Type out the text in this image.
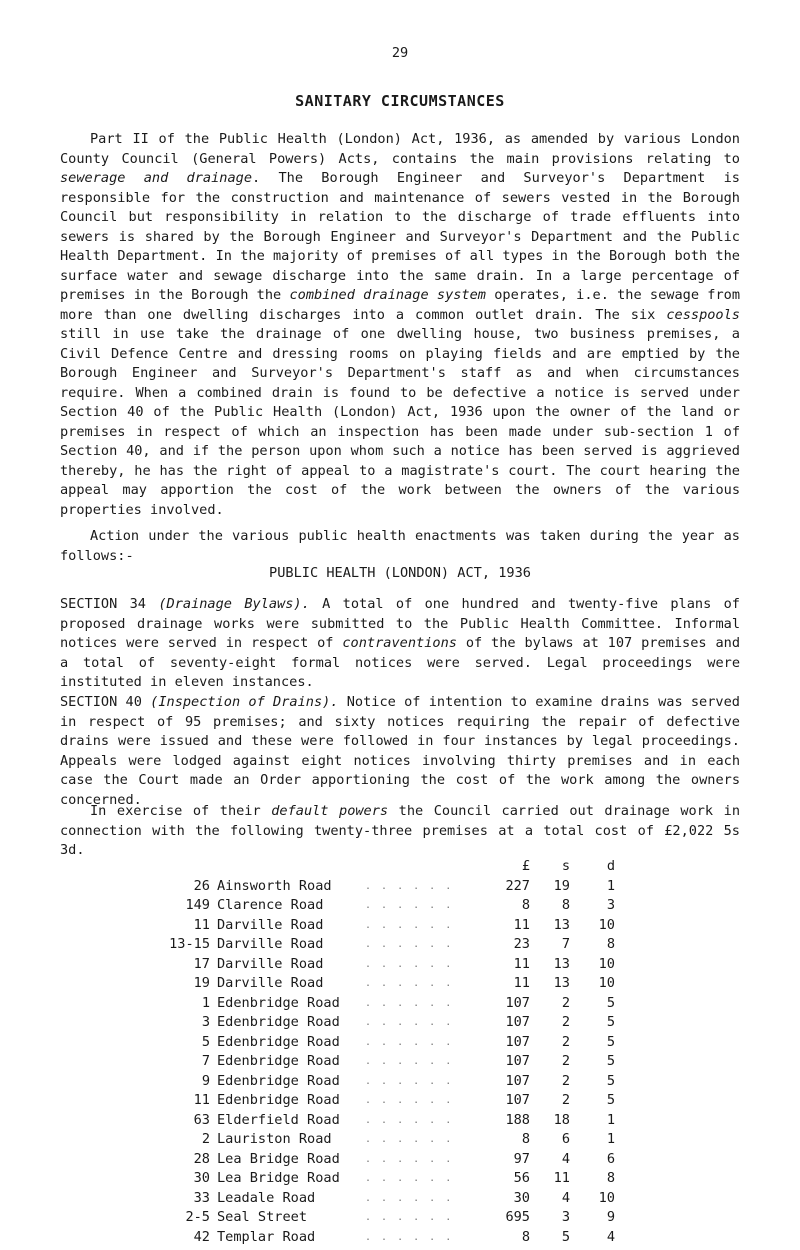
29
SANITARY CIRCUMSTANCES

Part II of the Public Health (London) Act, 1936, as amended by various London County Council (General Powers) Acts, contains the main provisions relating to sewerage and drainage. The Borough Engineer and Surveyor's Department is responsible for the construction and maintenance of sewers vested in the Borough Council but responsibility in relation to the discharge of trade effluents into sewers is shared by the Borough Engineer and Surveyor's Department and the Public Health Department. In the majority of premises of all types in the Borough both the surface water and sewage discharge into the same drain. In a large percentage of premises in the Borough the combined drainage system operates, i.e. the sewage from more than one dwelling discharges into a common outlet drain. The six cesspools still in use take the drainage of one dwelling house, two business premises, a Civil Defence Centre and dressing rooms on playing fields and are emptied by the Borough Engineer and Surveyor's Department's staff as and when circumstances require. When a combined drain is found to be defective a notice is served under Section 40 of the Public Health (London) Act, 1936 upon the owner of the land or premises in respect of which an inspection has been made under sub-section 1 of Section 40, and if the person upon whom such a notice has been served is aggrieved thereby, he has the right of appeal to a magistrate's court. The court hearing the appeal may apportion the cost of the work between the owners of the various properties involved.

Action under the various public health enactments was taken during the year as follows:-

PUBLIC HEALTH (LONDON) ACT, 1936

SECTION 34 (Drainage Bylaws). A total of one hundred and twenty-five plans of proposed drainage works were submitted to the Public Health Committee. Informal notices were served in respect of contraventions of the bylaws at 107 premises and a total of seventy-eight formal notices were served. Legal proceedings were instituted in eleven instances.

SECTION 40 (Inspection of Drains). Notice of intention to examine drains was served in respect of 95 premises; and sixty notices requiring the repair of defective drains were issued and these were followed in four instances by legal proceedings. Appeals were lodged against eight notices involving thirty premises and in each case the Court made an Order apportioning the cost of the work among the owners concerned.

In exercise of their default powers the Council carried out drainage work in connection with the following twenty-three premises at a total cost of £2,022 5s 3d.

£ s	d
26 Ainsworth Road	. . . . . .	227 19	1
149 Clarence Road	. . . . . .	8 8	3
11 Darville Road	. . . . . .	11 13 10
13-15 Darville Road	. . . . . .	23 7	8
17 Darville Road	. . . . . .	11 13 10
19 Darville Road	. . . . . .	11 13 10
1 Edenbridge Road	. . . . . .	107 2	5
3 Edenbridge Road	. . . . . .	107 2	5
5 Edenbridge Road	. . . . . .	107 2	5
7 Edenbridge Road	. . . . . .	107 2	5
9 Edenbridge Road	. . . . . .	107 2	5
11 Edenbridge Road	. . . . . .	107 2	5
63 Elderfield Road	. . . . . .	188 18	1
2 Lauriston Road	. . . . . .	8 6	1
28 Lea Bridge Road	. . . . . .	97 4	6
30 Lea Bridge Road	. . . . . .	56 11	8
33 Leadale Road	. . . . . .	30 4 10
2-5 Seal Street	. . . . . .	695 3	9
42 Templar Road	. . . . . .	8 5	4
